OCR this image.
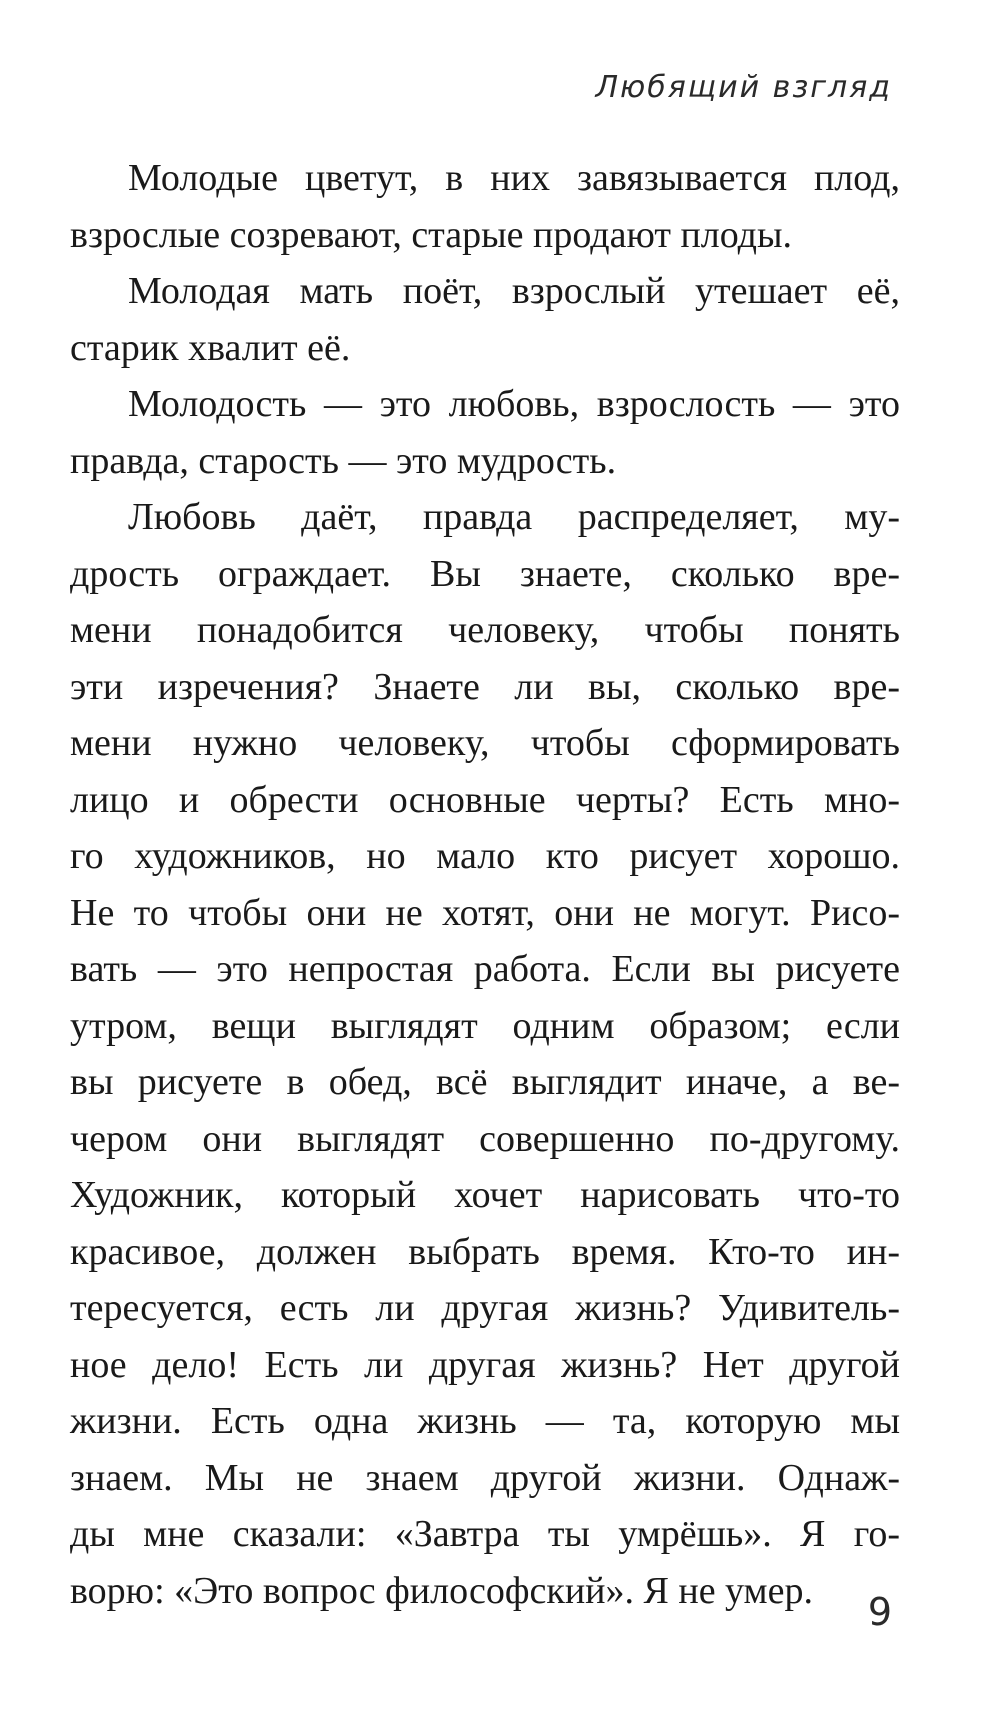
Любящий взгляд
Молодые цветут, в них завязывается плод,
взрослые созревают, старые продают плоды.
Молодая мать поёт, взрослый утешает её,
старик хвалит её.
Молодость — это любовь, взрослость — это
правда, старость — это мудрость.
Любовь даёт, правда распределяет, му-
дрость ограждает. Вы знаете, сколько вре-
мени понадобится человеку, чтобы понять
эти изречения? Знаете ли вы, сколько вре-
мени нужно человеку, чтобы сформировать
лицо и обрести основные черты? Есть мно-
го художников, но мало кто рисует хорошо.
Не то чтобы они не хотят, они не могут. Рисо-
вать — это непростая работа. Если вы рисуете
утром, вещи выглядят одним образом; если
вы рисуете в обед, всё выглядит иначе, а ве-
чером они выглядят совершенно по-другому.
Художник, который хочет нарисовать что-то
красивое, должен выбрать время. Кто-то ин-
тересуется, есть ли другая жизнь? Удивитель-
ное дело! Есть ли другая жизнь? Нет другой
жизни. Есть одна жизнь — та, которую мы
знаем. Мы не знаем другой жизни. Однаж-
ды мне сказали: «Завтра ты умрёшь». Я го-
ворю: «Это вопрос философский». Я не умер.	9
